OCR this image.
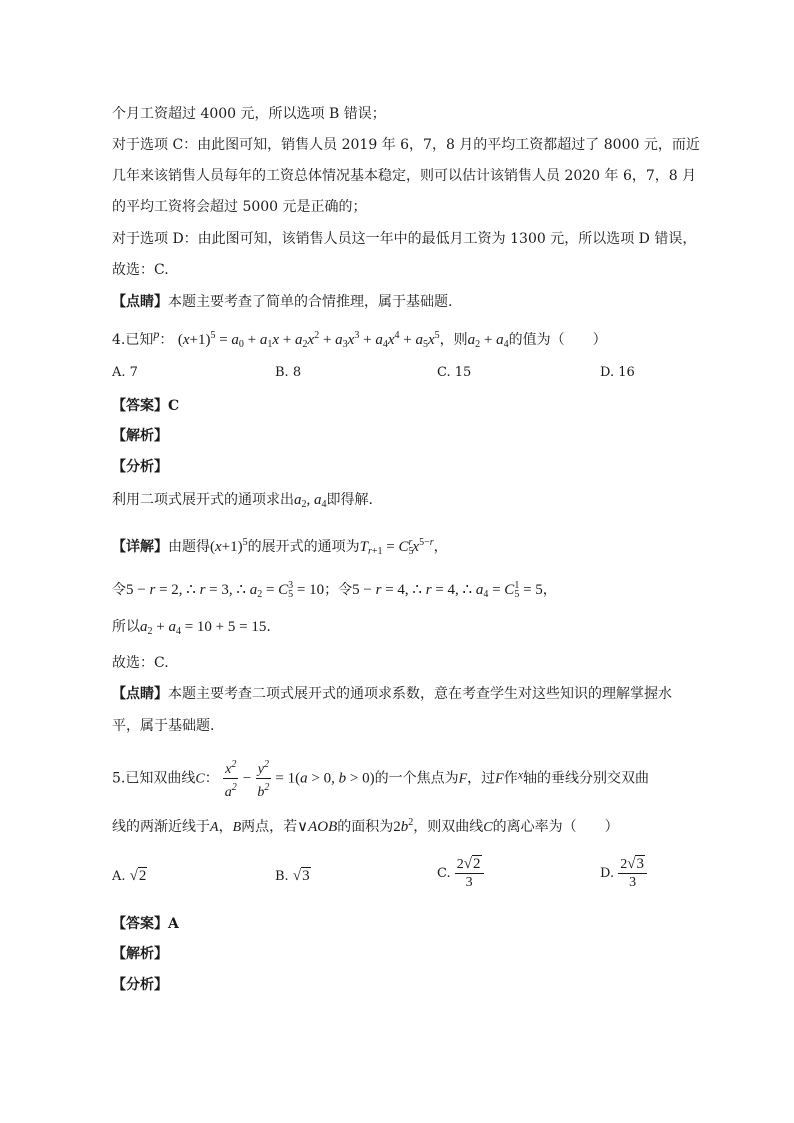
个月工资超过 4000 元，所以选项 B 错误；
对于选项 C：由此图可知，销售人员 2019 年 6，7，8 月的平均工资都超过了 8000 元，而近
几年来该销售人员每年的工资总体情况基本稳定，则可以估计该销售人员 2020 年 6，7，8 月
的平均工资将会超过 5000 元是正确的；
对于选项 D：由此图可知，该销售人员这一年中的最低月工资为 1300 元，所以选项 D 错误，
故选：C.
【点睛】本题主要考查了简单的合情推理，属于基础题.
4.已知p： $(x+1)^5 = a_0 + a_1x + a_2x^2 + a_3x^3 + a_4x^4 + a_5x^5$，则$a_2 + a_4$的值为（　　）
A. 7	B. 8	C. 15	D. 16
【答案】C
【解析】
【分析】
利用二项式展开式的通项求出$a_2$, $a_4$即得解.
【详解】由题得$(x+1)^5$的展开式的通项为$T_{r+1} = C_5^rx^{5-r}$，
令5 − r = 2, ∴ r = 3, ∴ $a_2 = C_5^3 = 10$；令5 − r = 4, ∴ r = 4, ∴ $a_4 = C_5^1 = 5$，
所以$a_2 + a_4 = 10 + 5 = 15$.
故选：C.
【点睛】本题主要考查二项式展开式的通项求系数，意在考查学生对这些知识的理解掌握水
平，属于基础题.
5.已知双曲线C： $\frac{x^2}{a^2} - \frac{y^2}{b^2} = 1(a > 0$, b > 0)的一个焦点为F，过F作x轴的垂线分别交双曲
线的两渐近线于A，B两点，若∨AOB的面积为$2b^2$，则双曲线C的离心率为（　　）
A. √2	B. √3	C. $\frac{2√2}{3}$	D. $\frac{2√3}{3}$
【答案】A
【解析】
【分析】
